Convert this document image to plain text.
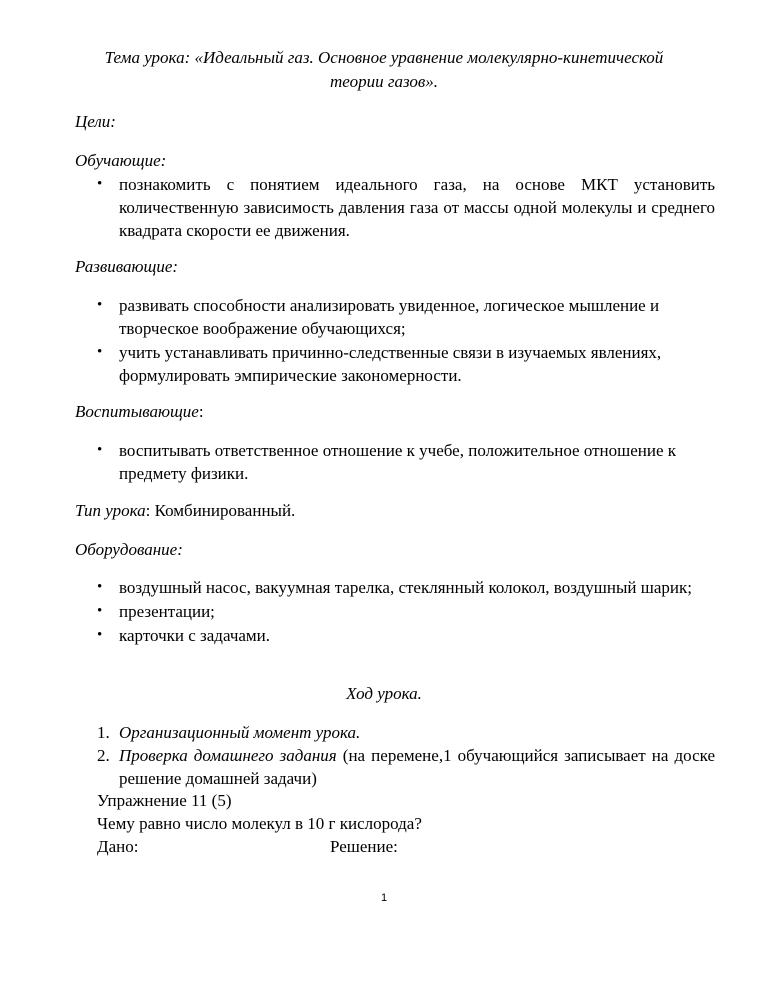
Тема урока: «Идеальный газ. Основное уравнение молекулярно-кинетической
теории газов».
Цели:
Обучающие:
• познакомить с понятием идеального газа, на основе МКТ установить количественную зависимость давления газа от массы одной молекулы и среднего квадрата скорости ее движения.
Развивающие:
• развивать способности анализировать увиденное, логическое мышление и творческое воображение обучающихся;
• учить устанавливать причинно-следственные связи в изучаемых явлениях, формулировать эмпирические закономерности.
Воспитывающие:
• воспитывать ответственное отношение к учебе, положительное отношение к предмету физики.
Тип урока: Комбинированный.
Оборудование:
• воздушный насос, вакуумная тарелка, стеклянный колокол, воздушный шарик;
• презентации;
• карточки с задачами.
Ход урока.
1. Организационный момент урока.
2. Проверка домашнего задания (на перемене,1 обучающийся записывает на доске решение домашней задачи)
Упражнение 11 (5)
Чему равно число молекул в 10 г кислорода?
Дано:	Решение:
1
